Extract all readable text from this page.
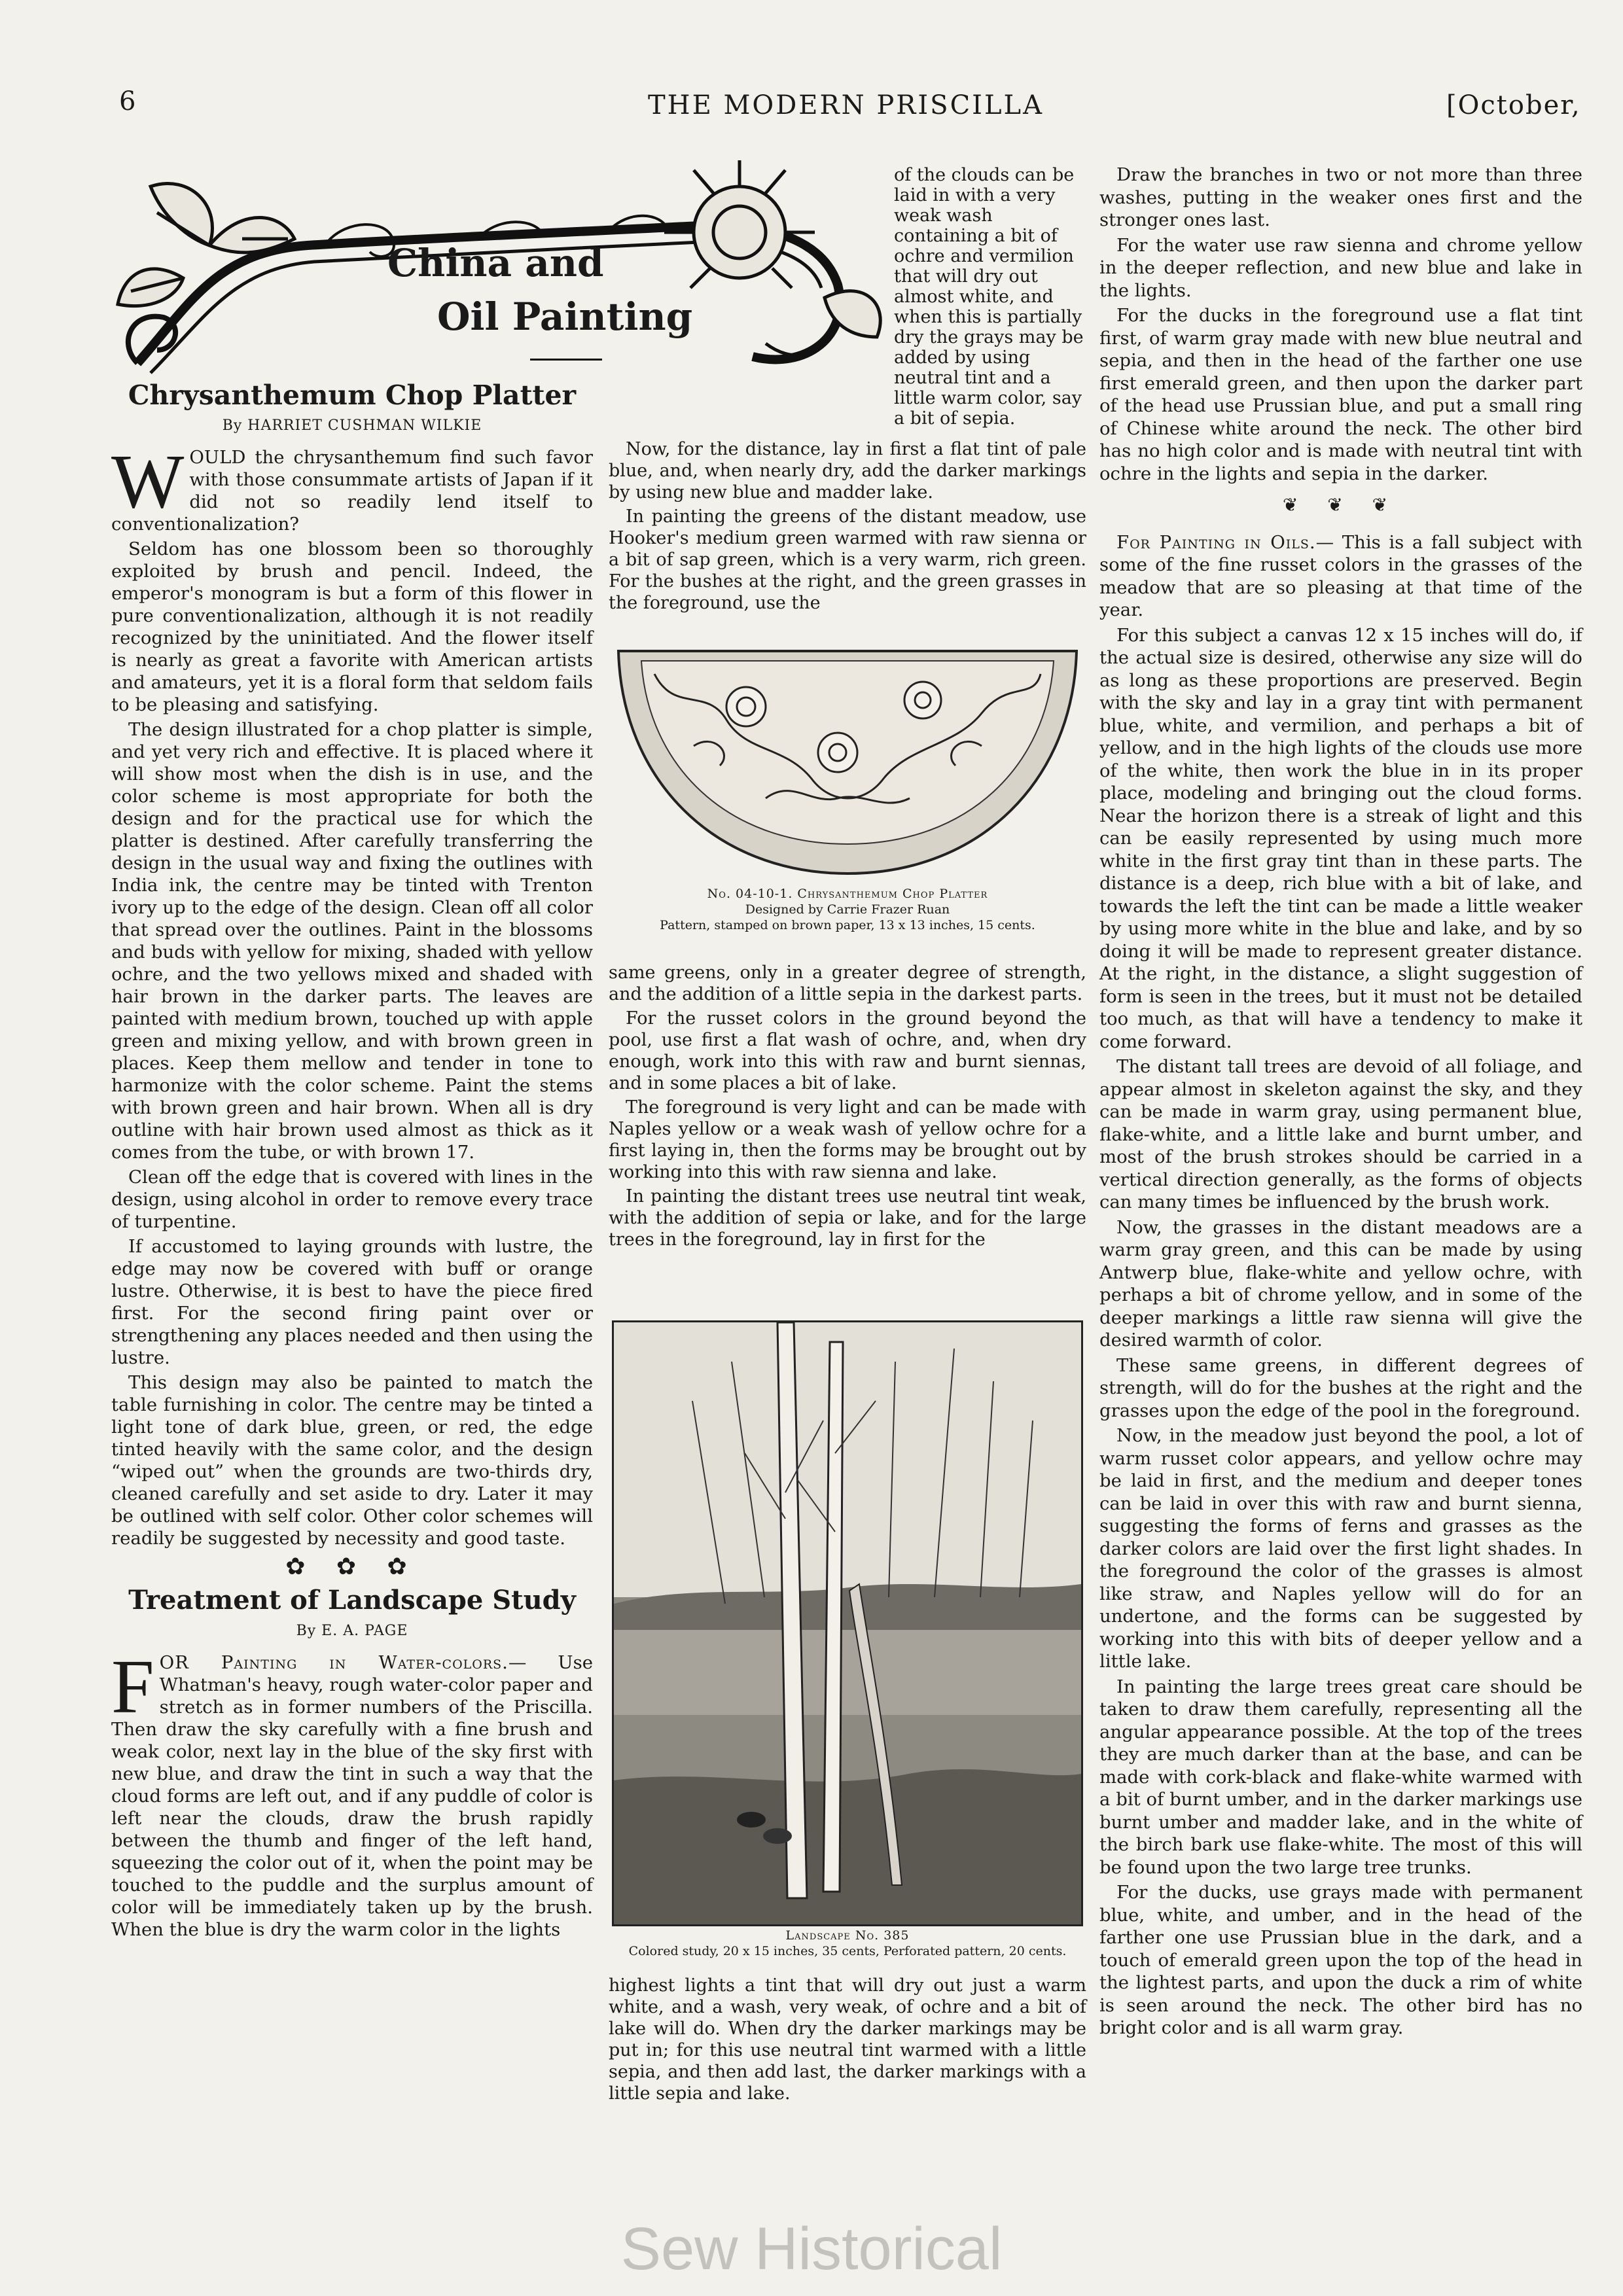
6	THE MODERN PRISCILLA	[October,
China and
Oil Painting
Chrysanthemum Chop Platter
By HARRIET CUSHMAN WILKIE

WOULD the chrysanthemum find such favor with those consummate artists of Japan if it did not so readily lend itself to conventionalization?

Seldom has one blossom been so thoroughly exploited by brush and pencil. Indeed, the emperor's monogram is but a form of this flower in pure conventionalization, although it is not readily recognized by the uninitiated. And the flower itself is nearly as great a favorite with American artists and amateurs, yet it is a floral form that seldom fails to be pleasing and satisfying.

The design illustrated for a chop platter is simple, and yet very rich and effective. It is placed where it will show most when the dish is in use, and the color scheme is most appropriate for both the design and for the practical use for which the platter is destined. After carefully transferring the design in the usual way and fixing the outlines with India ink, the centre may be tinted with Trenton ivory up to the edge of the design. Clean off all color that spread over the outlines. Paint in the blossoms and buds with yellow for mixing, shaded with yellow ochre, and the two yellows mixed and shaded with hair brown in the darker parts. The leaves are painted with medium brown, touched up with apple green and mixing yellow, and with brown green in places. Keep them mellow and tender in tone to harmonize with the color scheme. Paint the stems with brown green and hair brown. When all is dry outline with hair brown used almost as thick as it comes from the tube, or with brown 17.

Clean off the edge that is covered with lines in the design, using alcohol in order to remove every trace of turpentine.

If accustomed to laying grounds with lustre, the edge may now be covered with buff or orange lustre. Otherwise, it is best to have the piece fired first. For the second firing paint over or strengthening any places needed and then using the lustre.

This design may also be painted to match the table furnishing in color. The centre may be tinted a light tone of dark blue, green, or red, the edge tinted heavily with the same color, and the design “wiped out” when the grounds are two-thirds dry, cleaned carefully and set aside to dry. Later it may be outlined with self color. Other color schemes will readily be suggested by necessity and good taste.

✿ ✿ ✿
Treatment of Landscape Study
By E. A. PAGE

FOR Painting in Water-colors.— Use Whatman's heavy, rough water-color paper and stretch as in former numbers of the Priscilla. Then draw the sky carefully with a fine brush and weak color, next lay in the blue of the sky first with new blue, and draw the tint in such a way that the cloud forms are left out, and if any puddle of color is left near the clouds, draw the brush rapidly between the thumb and finger of the left hand, squeezing the color out of it, when the point may be touched to the puddle and the surplus amount of color will be immediately taken up by the brush. When the blue is dry the warm color in the lights

of the clouds can be laid in with a very weak wash containing a bit of ochre and vermilion that will dry out almost white, and when this is partially dry the grays may be added by using neutral tint and a little warm color, say a bit of sepia.

Now, for the distance, lay in first a flat tint of pale blue, and, when nearly dry, add the darker markings by using new blue and madder lake.

In painting the greens of the distant meadow, use Hooker's medium green warmed with raw sienna or a bit of sap green, which is a very warm, rich green. For the bushes at the right, and the green grasses in the foreground, use the

No. 04-10-1. Chrysanthemum Chop Platter
Designed by Carrie Frazer Ruan
Pattern, stamped on brown paper, 13 x 13 inches, 15 cents.

same greens, only in a greater degree of strength, and the addition of a little sepia in the darkest parts.

For the russet colors in the ground beyond the pool, use first a flat wash of ochre, and, when dry enough, work into this with raw and burnt siennas, and in some places a bit of lake.

The foreground is very light and can be made with Naples yellow or a weak wash of yellow ochre for a first laying in, then the forms may be brought out by working into this with raw sienna and lake.

In painting the distant trees use neutral tint weak, with the addition of sepia or lake, and for the large trees in the foreground, lay in first for the

Landscape No. 385
Colored study, 20 x 15 inches, 35 cents, Perforated pattern, 20 cents.

highest lights a tint that will dry out just a warm white, and a wash, very weak, of ochre and a bit of lake will do. When dry the darker markings may be put in; for this use neutral tint warmed with a little sepia, and then add last, the darker markings with a little sepia and lake.

Draw the branches in two or not more than three washes, putting in the weaker ones first and the stronger ones last.

For the water use raw sienna and chrome yellow in the deeper reflection, and new blue and lake in the lights.

For the ducks in the foreground use a flat tint first, of warm gray made with new blue neutral and sepia, and then in the head of the farther one use first emerald green, and then upon the darker part of the head use Prussian blue, and put a small ring of Chinese white around the neck. The other bird has no high color and is made with neutral tint with ochre in the lights and sepia in the darker.

❦ ❦ ❦

For Painting in Oils.— This is a fall subject with some of the fine russet colors in the grasses of the meadow that are so pleasing at that time of the year.

For this subject a canvas 12 x 15 inches will do, if the actual size is desired, otherwise any size will do as long as these proportions are preserved. Begin with the sky and lay in a gray tint with permanent blue, white, and vermilion, and perhaps a bit of yellow, and in the high lights of the clouds use more of the white, then work the blue in in its proper place, modeling and bringing out the cloud forms. Near the horizon there is a streak of light and this can be easily represented by using much more white in the first gray tint than in these parts. The distance is a deep, rich blue with a bit of lake, and towards the left the tint can be made a little weaker by using more white in the blue and lake, and by so doing it will be made to represent greater distance. At the right, in the distance, a slight suggestion of form is seen in the trees, but it must not be detailed too much, as that will have a tendency to make it come forward.

The distant tall trees are devoid of all foliage, and appear almost in skeleton against the sky, and they can be made in warm gray, using permanent blue, flake-white, and a little lake and burnt umber, and most of the brush strokes should be carried in a vertical direction generally, as the forms of objects can many times be influenced by the brush work.

Now, the grasses in the distant meadows are a warm gray green, and this can be made by using Antwerp blue, flake-white and yellow ochre, with perhaps a bit of chrome yellow, and in some of the deeper markings a little raw sienna will give the desired warmth of color.

These same greens, in different degrees of strength, will do for the bushes at the right and the grasses upon the edge of the pool in the foreground.

Now, in the meadow just beyond the pool, a lot of warm russet color appears, and yellow ochre may be laid in first, and the medium and deeper tones can be laid in over this with raw and burnt sienna, suggesting the forms of ferns and grasses as the darker colors are laid over the first light shades. In the foreground the color of the grasses is almost like straw, and Naples yellow will do for an undertone, and the forms can be suggested by working into this with bits of deeper yellow and a little lake.

In painting the large trees great care should be taken to draw them carefully, representing all the angular appearance possible. At the top of the trees they are much darker than at the base, and can be made with cork-black and flake-white warmed with a bit of burnt umber, and in the darker markings use burnt umber and madder lake, and in the white of the birch bark use flake-white. The most of this will be found upon the two large tree trunks.

For the ducks, use grays made with permanent blue, white, and umber, and in the head of the farther one use Prussian blue in the dark, and a touch of emerald green upon the top of the head in the lightest parts, and upon the duck a rim of white is seen around the neck. The other bird has no bright color and is all warm gray.

Sew Historical
